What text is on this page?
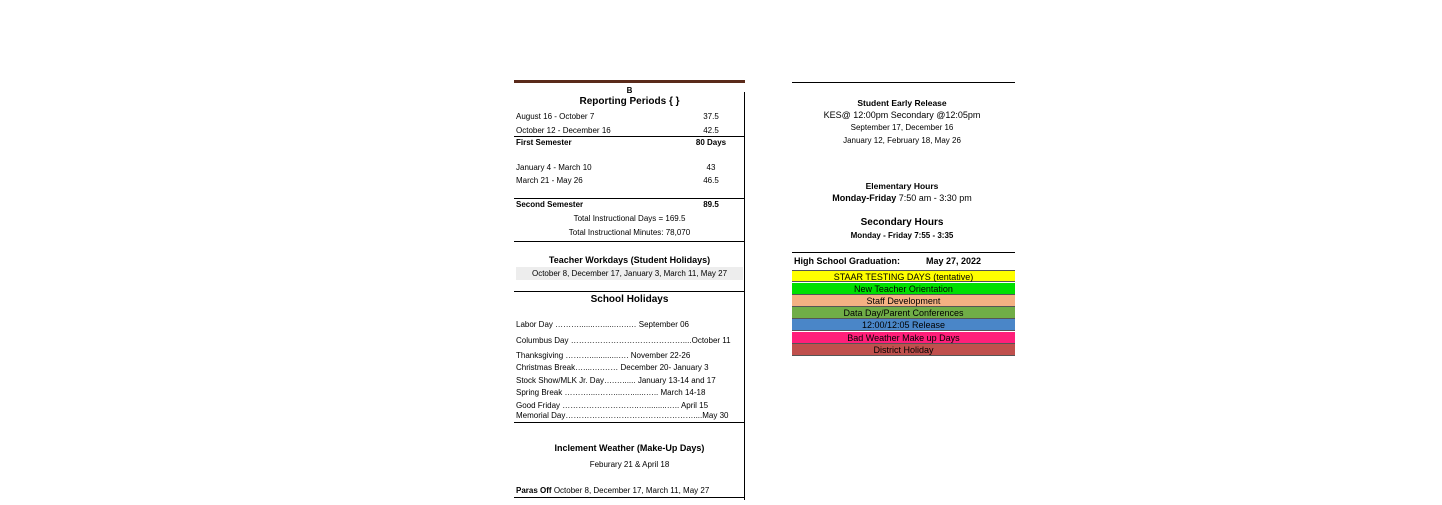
B
Reporting Periods { }
August 16 - October 7	37.5
October 12 - December 16	42.5
First Semester	80 Days
January 4 - March 10	43
March 21 - May 26	46.5
Second Semester	89.5
Total Instructional Days = 169.5
Total Instructional Minutes: 78,070
Teacher Workdays (Student Holidays)
October 8, December 17, January 3, March 11, May 27
School Holidays
Labor Day ……….......…......…..… September 06
Columbus Day ……………………………………....October 11
Thanksgiving ……….............…. November 22-26
Christmas Break…....….…… December 20- January 3
Stock Show/MLK Jr. Day….…...... January 13-14 and 17
Spring Break ………....……....….......….. March 14-18
Good Friday ………………………..….........….. April 15
Memorial Day…………………………………………....May 30
Inclement Weather (Make-Up Days)
Feburary 21 & April 18
Paras Off October 8, December 17, March 11, May 27
Student Early Release
KES@ 12:00pm Secondary @12:05pm
September 17, December 16
January 12, February 18, May 26
Elementary Hours
Monday-Friday 7:50 am - 3:30 pm
Secondary Hours
Monday - Friday 7:55 - 3:35
High School Graduation:	May 27, 2022
STAAR TESTING DAYS (tentative)
New Teacher Orientation
Staff Development
Data Day/Parent Conferences
12:00/12:05 Release
Bad Weather Make up Days
District Holiday
